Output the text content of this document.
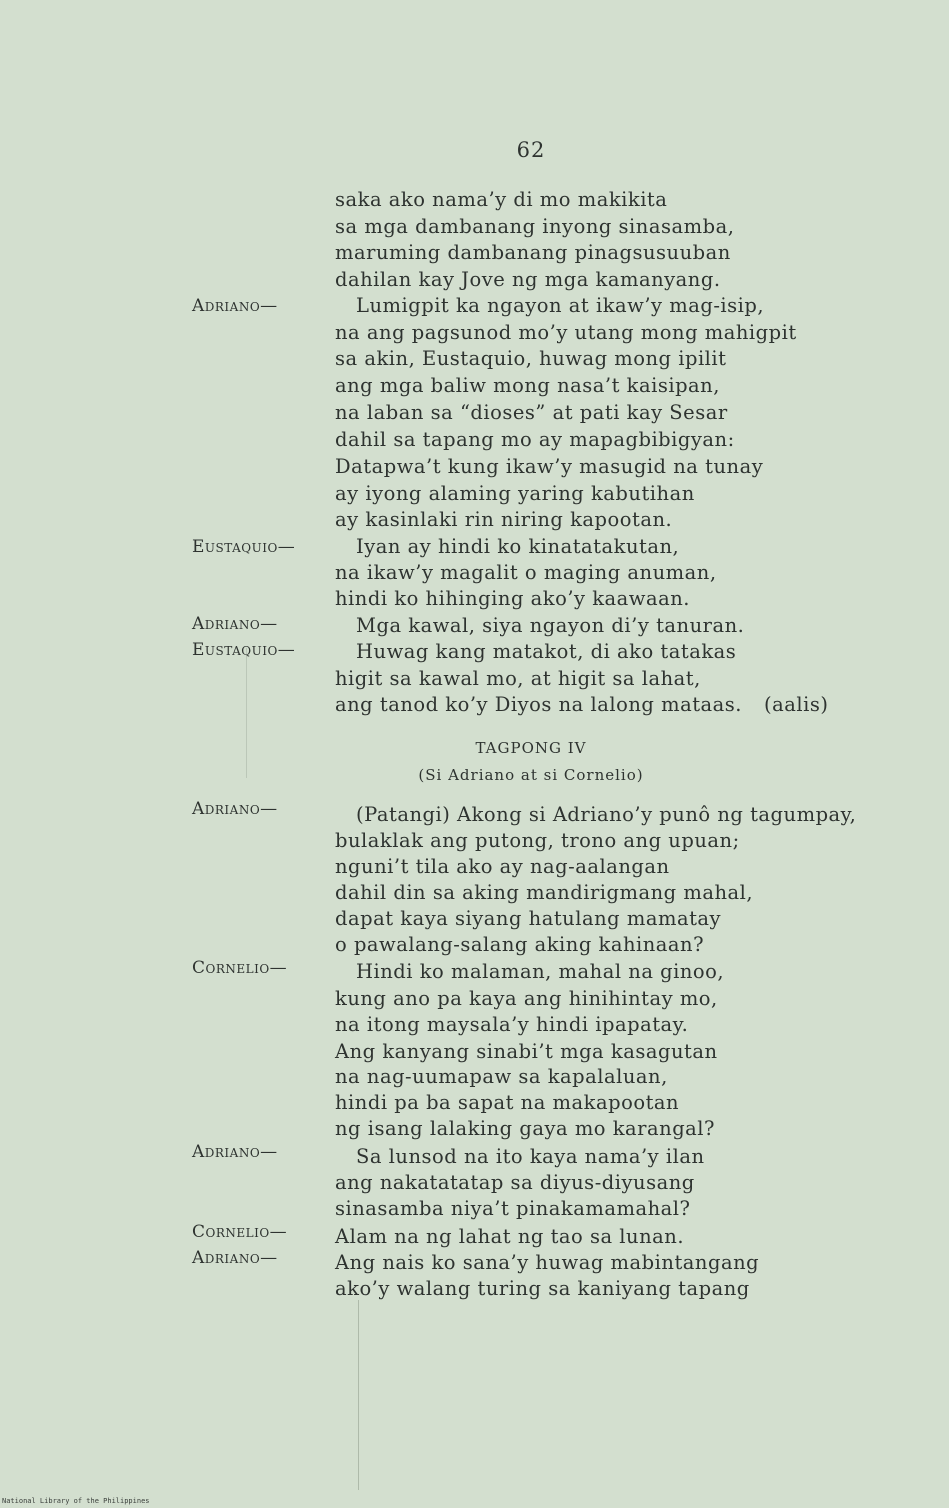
62
saka ako nama’y di mo makikita
sa mga dambanang inyong sinasamba,
maruming dambanang pinagsusuuban
dahilan kay Jove ng mga kamanyang.
Lumigpit ka ngayon at ikaw’y mag-isip,
na ang pagsunod mo’y utang mong mahigpit
sa akin, Eustaquio, huwag mong ipilit
ang mga baliw mong nasa’t kaisipan,
na laban sa “dioses” at pati kay Sesar
dahil sa tapang mo ay mapagbibigyan:
Datapwa’t kung ikaw’y masugid na tunay
ay iyong alaming yaring kabutihan
ay kasinlaki rin niring kapootan.
Iyan ay hindi ko kinatatakutan,
na ikaw’y magalit o maging anuman,
hindi ko hihinging ako’y kaawaan.
Mga kawal, siya ngayon di’y tanuran.
Huwag kang matakot, di ako tatakas
higit sa kawal mo, at higit sa lahat,
ang tanod ko’y Diyos na lalong mataas. (aalis)
TAGPONG IV
(Si Adriano at si Cornelio)
(Patangi) Akong si Adriano’y punô ng tagumpay,
bulaklak ang putong, trono ang upuan;
nguni’t tila ako ay nag-aalangan
dahil din sa aking mandirigmang mahal,
dapat kaya siyang hatulang mamatay
o pawalang-salang aking kahinaan?
Hindi ko malaman, mahal na ginoo,
kung ano pa kaya ang hinihintay mo,
na itong maysala’y hindi ipapatay.
Ang kanyang sinabi’t mga kasagutan
na nag-uumapaw sa kapalaluan,
hindi pa ba sapat na makapootan
ng isang lalaking gaya mo karangal?
Sa lunsod na ito kaya nama’y ilan
ang nakatatatap sa diyus-diyusang
sinasamba niya’t pinakamamahal?
Alam na ng lahat ng tao sa lunan.
Ang nais ko sana’y huwag mabintangang
ako’y walang turing sa kaniyang tapang
Adriano—
Eustaquio—
Adriano—
Eustaquio—
Adriano—
Cornelio—
Adriano—
Cornelio—
Adriano—
National Library of the Philippines
